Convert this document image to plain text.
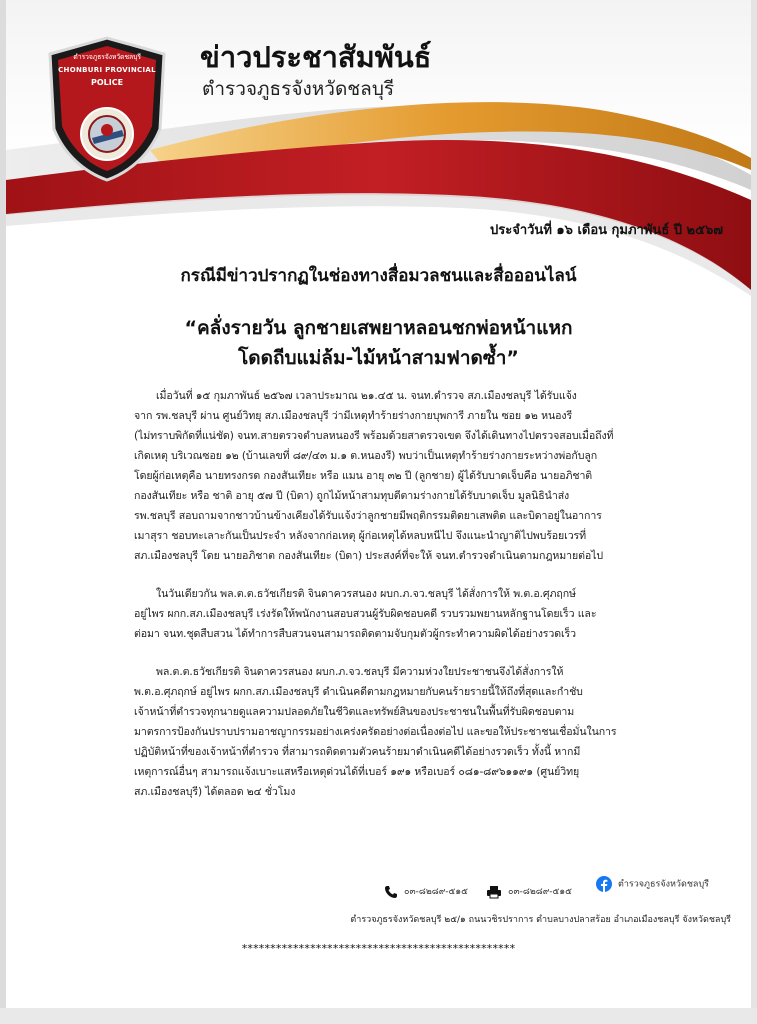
ตำรวจภูธรจังหวัดชลบุรี
CHONBURI PROVINCIAL
POLICE
ข่าวประชาสัมพันธ์
ตำรวจภูธรจังหวัดชลบุรี
ประจำวันที่ ๑๖ เดือน กุมภาพันธ์ ปี ๒๕๖๗
กรณีมีข่าวปรากฏในช่องทางสื่อมวลชนและสื่อออนไลน์
“คลั่งรายวัน ลูกชายเสพยาหลอนชกพ่อหน้าแหก
โดดถีบแม่ล้ม-ไม้หน้าสามฟาดซ้ำ”

เมื่อวันที่ ๑๕ กุมภาพันธ์ ๒๕๖๗ เวลาประมาณ ๒๑.๔๕ น. จนท.ตำรวจ สภ.เมืองชลบุรี ได้รับแจ้ง
จาก รพ.ชลบุรี ผ่าน ศูนย์วิทยุ สภ.เมืองชลบุรี ว่ามีเหตุทำร้ายร่างกายบุพการี ภายใน ซอย ๑๒ หนองรี
(ไม่ทราบพิกัดที่แน่ชัด) จนท.สายตรวจตำบลหนองรี พร้อมด้วยสาตรวจเขต จึงได้เดินทางไปตรวจสอบเมื่อถึงที่
เกิดเหตุ บริเวณซอย ๑๒ (บ้านเลขที่ ๘๙/๔๓ ม.๑ ต.หนองรี) พบว่าเป็นเหตุทำร้ายร่างกายระหว่างพ่อกับลูก
โดยผู้ก่อเหตุคือ นายทรงกรด กองสันเทียะ หรือ แมน อายุ ๓๒ ปี (ลูกชาย) ผู้ได้รับบาดเจ็บคือ นายอภิชาติ
กองสันเทียะ หรือ ชาติ อายุ ๕๗ ปี (บิดา) ถูกไม้หน้าสามทุบตีตามร่างกายได้รับบาดเจ็บ มูลนิธินำส่ง
รพ.ชลบุรี สอบถามจากชาวบ้านข้างเคียงได้รับแจ้งว่าลูกชายมีพฤติกรรมติดยาเสพติด และบิดาอยู่ในอาการ
เมาสุรา ชอบทะเลาะกันเป็นประจำ หลังจากก่อเหตุ ผู้ก่อเหตุได้หลบหนีไป จึงแนะนำญาติไปพบร้อยเวรที่
สภ.เมืองชลบุรี โดย นายอภิชาต กองสันเทียะ (บิดา) ประสงค์ที่จะให้ จนท.ตำรวจดำเนินตามกฎหมายต่อไป

ในวันเดียวกัน พล.ต.ต.ธวัชเกียรติ จินดาควรสนอง ผบก.ภ.จว.ชลบุรี ได้สั่งการให้ พ.ต.อ.ศุภฤกษ์
อยู่ไพร ผกก.สภ.เมืองชลบุรี เร่งรัดให้พนักงานสอบสวนผู้รับผิดชอบคดี รวบรวมพยานหลักฐานโดยเร็ว และ
ต่อมา จนท.ชุดสืบสวน ได้ทำการสืบสวนจนสามารถติดตามจับกุมตัวผู้กระทำความผิดได้อย่างรวดเร็ว

พล.ต.ต.ธวัชเกียรติ จินดาควรสนอง ผบก.ภ.จว.ชลบุรี มีความห่วงใยประชาชนจึงได้สั่งการให้
พ.ต.อ.ศุภฤกษ์ อยู่ไพร ผกก.สภ.เมืองชลบุรี ดำเนินคดีตามกฎหมายกับคนร้ายรายนี้ให้ถึงที่สุดและกำชับ
เจ้าหน้าที่ตำรวจทุกนายดูแลความปลอดภัยในชีวิตและทรัพย์สินของประชาชนในพื้นที่รับผิดชอบตาม
มาตรการป้องกันปราบปรามอาชญากรรมอย่างเคร่งครัดอย่างต่อเนื่องต่อไป และขอให้ประชาชนเชื่อมั่นในการ
ปฏิบัติหน้าที่ของเจ้าหน้าที่ตำรวจ ที่สามารถติดตามตัวคนร้ายมาดำเนินคดีได้อย่างรวดเร็ว ทั้งนี้ หากมี
เหตุการณ์อื่นๆ สามารถแจ้งเบาะแสหรือเหตุด่วนได้ที่เบอร์ ๑๙๑ หรือเบอร์ ๐๘๑-๘๙๖๑๑๙๑ (ศูนย์วิทยุ
สภ.เมืองชลบุรี) ได้ตลอด ๒๔ ชั่วโมง

๐๓-๘๒๘๙-๕๑๕	๐๓-๘๒๘๙-๕๑๕
ตำรวจภูธรจังหวัดชลบุรี
ตำรวจภูธรจังหวัดชลบุรี ๒๕/๑ ถนนวชิรปราการ ตำบลบางปลาสร้อย อำเภอเมืองชลบุรี จังหวัดชลบุรี
************************************************
